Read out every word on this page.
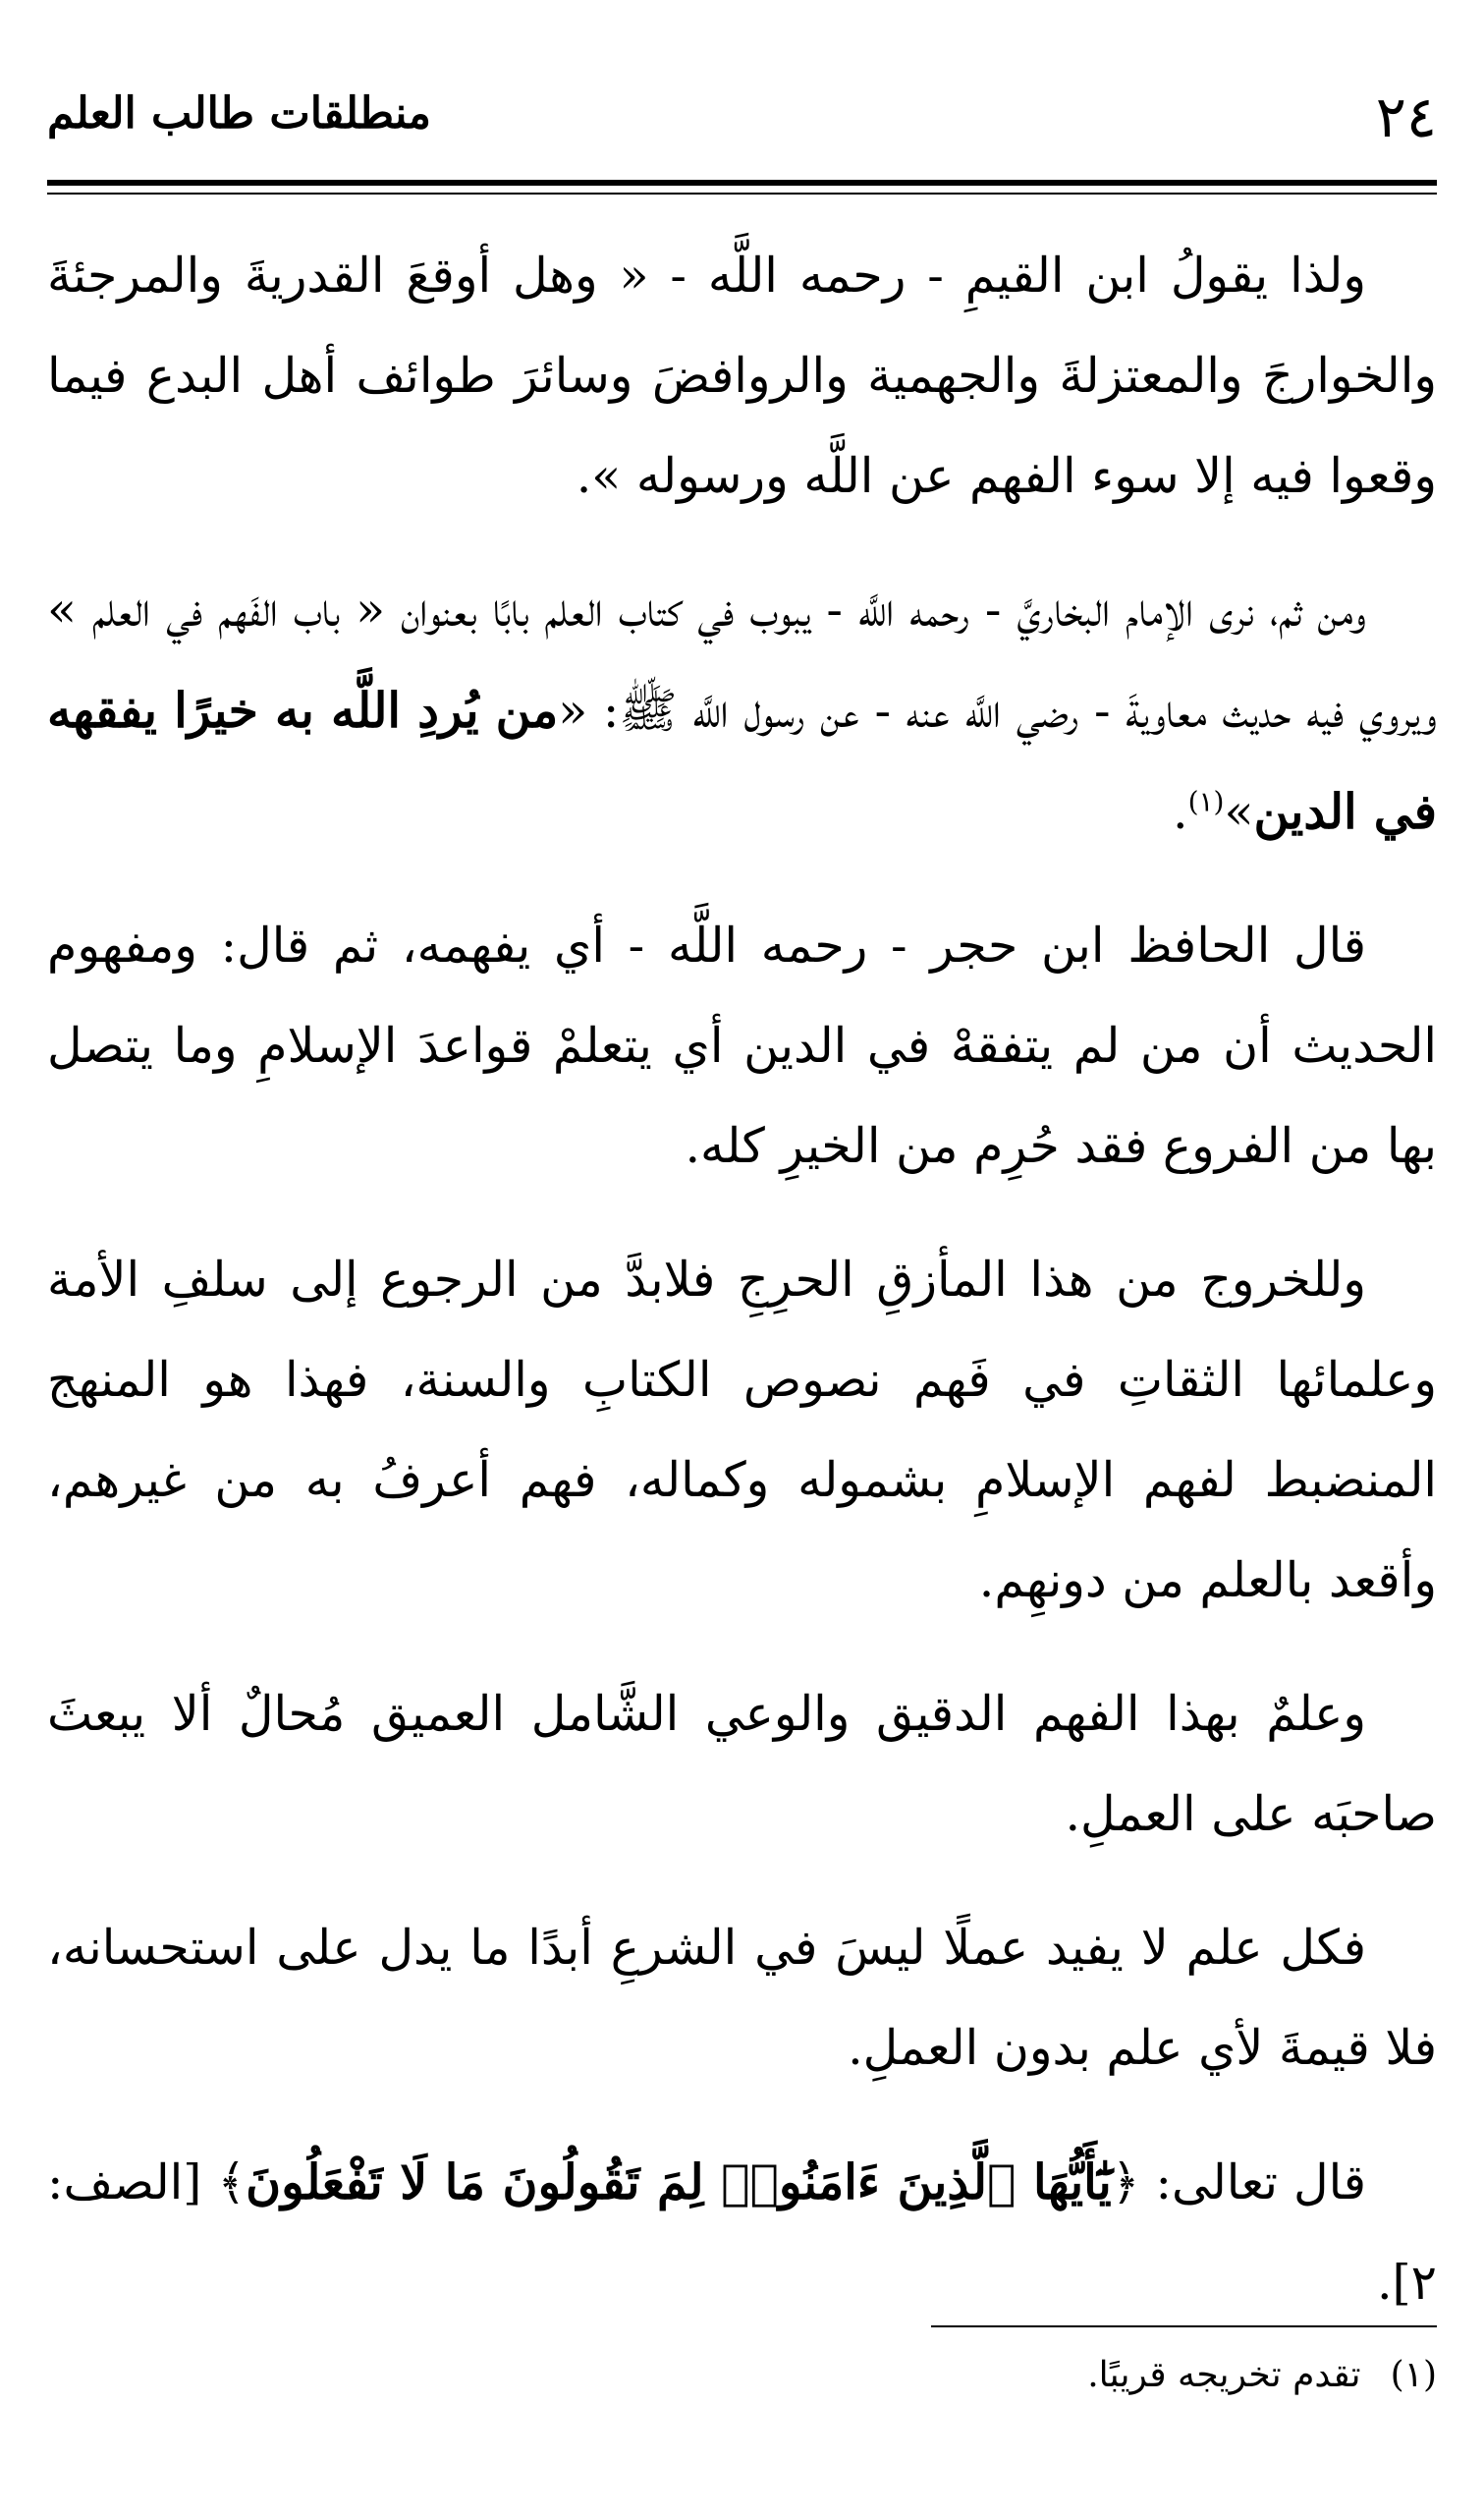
٢٤
منطلقات طالب العلم

ولذا يقولُ ابن القيمِ - رحمه اللَّه - « وهل أوقعَ القدريةَ والمرجئةَ والخوارجَ والمعتزلةَ والجهمية والروافضَ وسائرَ طوائف أهل البدع فيما وقعوا فيه إلا سوء الفهم عن اللَّه ورسوله ».

ومن ثم، نرى الإمام البخاريَّ - رحمه اللَّه - يبوب في كتاب العلم بابًا بعنوان « باب الفَهم في العلم » ويروي فيه حديث معاويةَ - رضي اللَّه عنه - عن رسول اللَّه ﷺ: «من يُردِ اللَّه به خيرًا يفقهه في الدين»$^{(١)}$.

قال الحافظ ابن حجر - رحمه اللَّه - أي يفهمه، ثم قال: ومفهوم الحديث أن من لم يتفقهْ في الدين أي يتعلمْ قواعدَ الإسلامِ وما يتصل بها من الفروع فقد حُرِم من الخيرِ كله.

وللخروج من هذا المأزقِ الحرِجِ فلابدَّ من الرجوع إلى سلفِ الأمة وعلمائها الثقاتِ في فَهم نصوص الكتابِ والسنة، فهذا هو المنهج المنضبط لفهم الإسلامِ بشموله وكماله، فهم أعرفُ به من غيرهم، وأقعد بالعلم من دونهِم.

وعلمٌ بهذا الفهم الدقيق والوعي الشَّامل العميق مُحالٌ ألا يبعثَ صاحبَه على العملِ.

فكل علم لا يفيد عملًا ليسَ في الشرعِ أبدًا ما يدل على استحسانه، فلا قيمةَ لأي علم بدون العملِ.

قال تعالى: ﴿يَٰٓأَيُّهَا ٱلَّذِينَ ءَامَنُوا۟ لِمَ تَقُولُونَ مَا لَا تَفْعَلُونَ﴾ [الصف: ٢].

(١)تقدم تخريجه قريبًا.
